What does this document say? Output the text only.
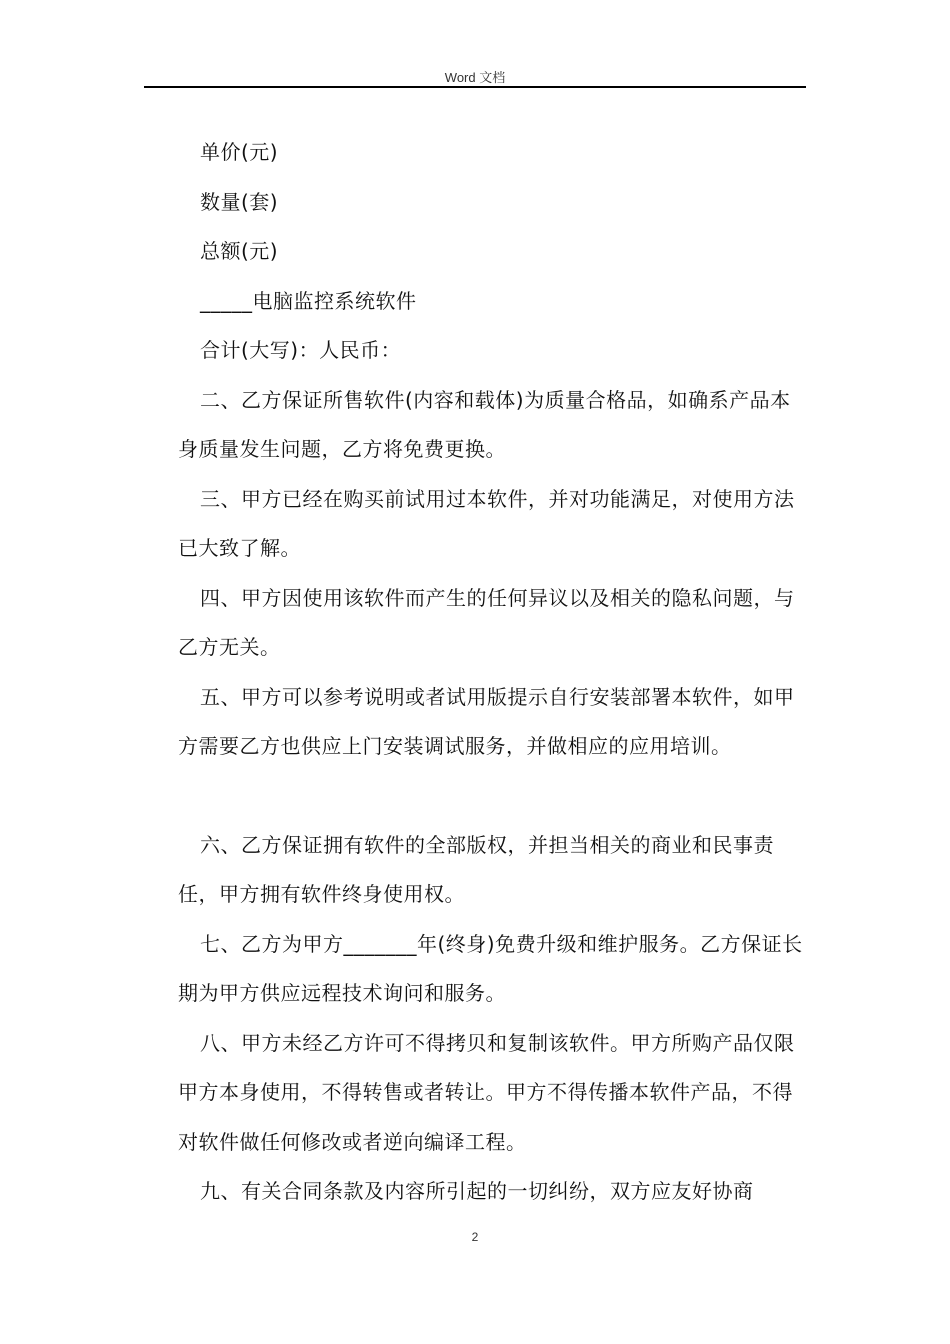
Word 文档

单价(元)

数量(套)

总额(元)

_____电脑监控系统软件

合计(大写)：人民币：

二、乙方保证所售软件(内容和载体)为质量合格品，如确系产品本身质量发生问题，乙方将免费更换。

三、甲方已经在购买前试用过本软件，并对功能满足，对使用方法已大致了解。

四、甲方因使用该软件而产生的任何异议以及相关的隐私问题，与乙方无关。

五、甲方可以参考说明或者试用版提示自行安装部署本软件，如甲方需要乙方也供应上门安装调试服务，并做相应的应用培训。

六、乙方保证拥有软件的全部版权，并担当相关的商业和民事责任，甲方拥有软件终身使用权。

七、乙方为甲方_______年(终身)免费升级和维护服务。乙方保证长期为甲方供应远程技术询问和服务。

八、甲方未经乙方许可不得拷贝和复制该软件。甲方所购产品仅限甲方本身使用，不得转售或者转让。甲方不得传播本软件产品，不得对软件做任何修改或者逆向编译工程。

九、有关合同条款及内容所引起的一切纠纷，双方应友好协商

2
